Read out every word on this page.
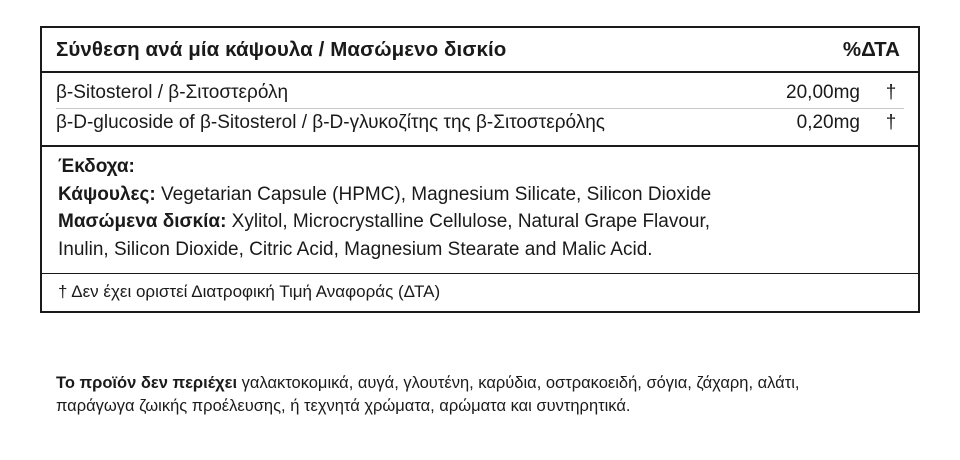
Σύνθεση ανά μία κάψουλα / Μασώμενο δισκίο	%ΔΤΑ
β-Sitosterol / β-Σιτοστερόλη	20,00mg	†
β-D-glucoside of β-Sitosterol / β-D-γλυκοζίτης της β-Σιτοστερόλης	0,20mg	†
Έκδοχα:
Κάψουλες: Vegetarian Capsule (HPMC), Magnesium Silicate, Silicon Dioxide
Μασώμενα δισκία: Xylitol, Microcrystalline Cellulose, Natural Grape Flavour,
Inulin, Silicon Dioxide, Citric Acid, Magnesium Stearate and Malic Acid.
† Δεν έχει οριστεί Διατροφική Τιμή Αναφοράς (ΔΤΑ)
Το προϊόν δεν περιέχει γαλακτοκομικά, αυγά, γλουτένη, καρύδια, οστρακοειδή, σόγια, ζάχαρη, αλάτι,
παράγωγα ζωικής προέλευσης, ή τεχνητά χρώματα, αρώματα και συντηρητικά.
